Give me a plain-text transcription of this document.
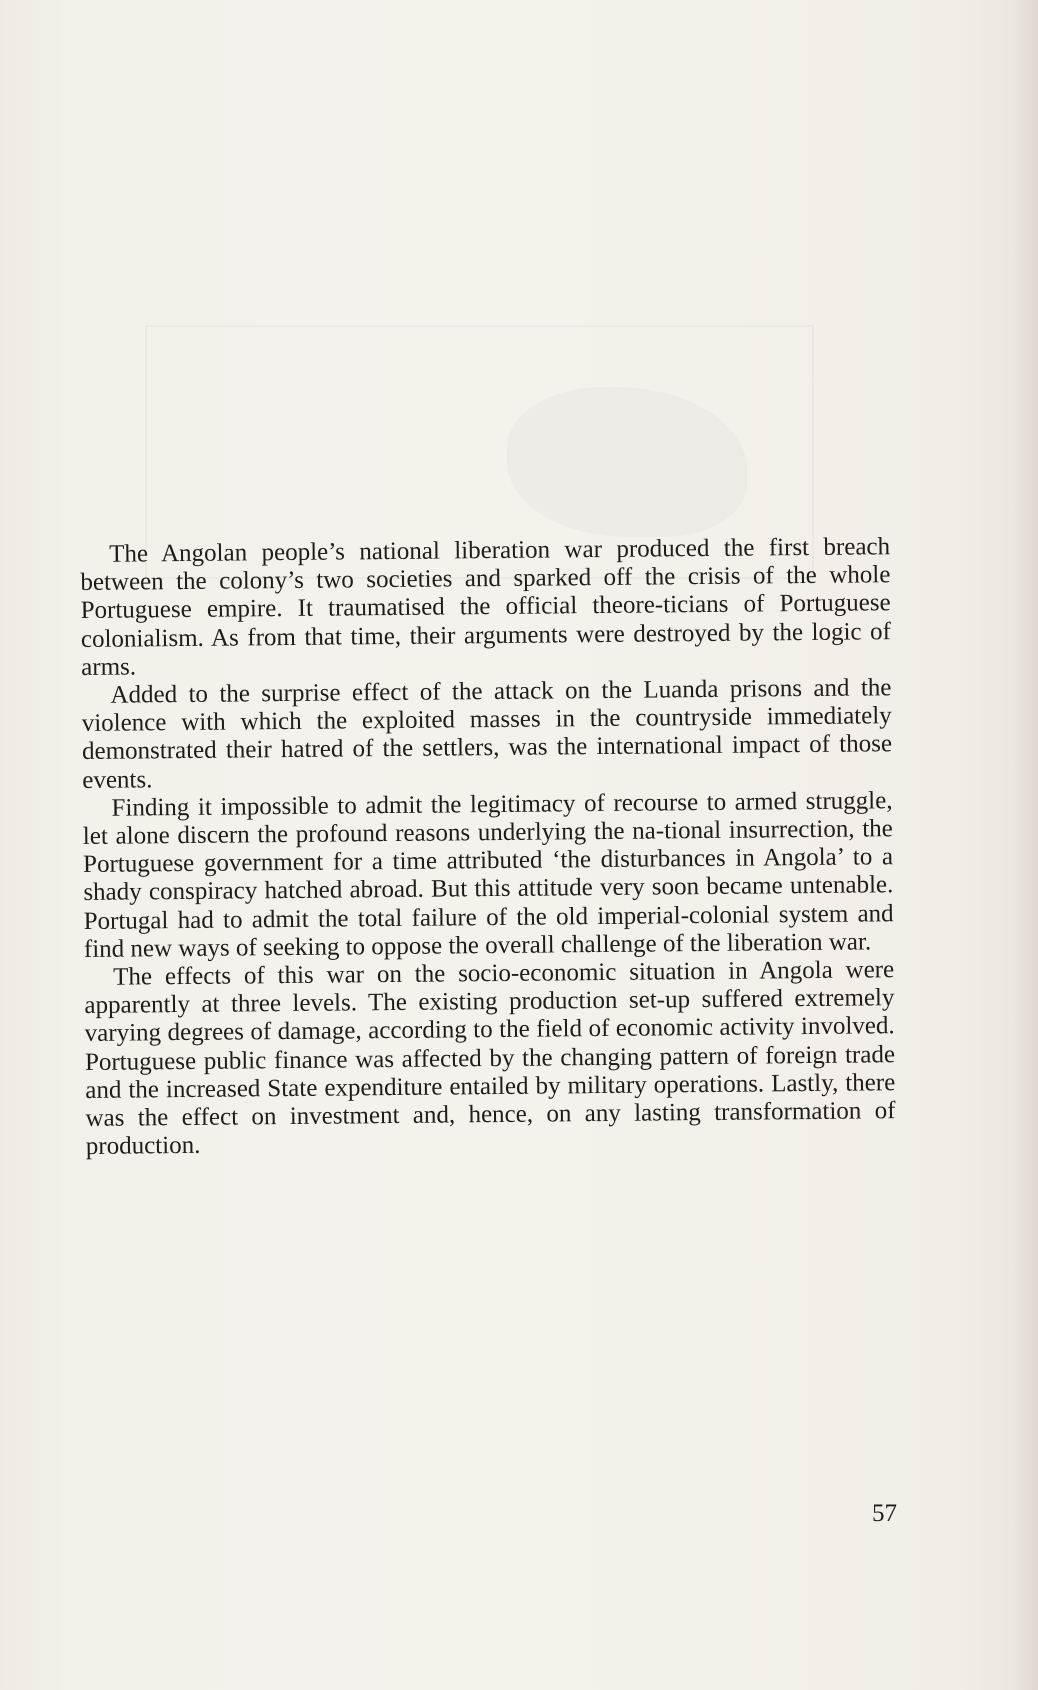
The Angolan people’s national liberation war produced the first breach between the colony’s two societies and sparked off the crisis of the whole Portuguese empire. It traumatised the official theore-ticians of Portuguese colonialism. As from that time, their arguments were destroyed by the logic of arms.

Added to the surprise effect of the attack on the Luanda prisons and the violence with which the exploited masses in the countryside immediately demonstrated their hatred of the settlers, was the international impact of those events.

Finding it impossible to admit the legitimacy of recourse to armed struggle, let alone discern the profound reasons underlying the na-tional insurrection, the Portuguese government for a time attributed ‘the disturbances in Angola’ to a shady conspiracy hatched abroad. But this attitude very soon became untenable. Portugal had to admit the total failure of the old imperial-colonial system and find new ways of seeking to oppose the overall challenge of the liberation war.

The effects of this war on the socio-economic situation in Angola were apparently at three levels. The existing production set-up suffered extremely varying degrees of damage, according to the field of economic activity involved. Portuguese public finance was affected by the changing pattern of foreign trade and the increased State expenditure entailed by military operations. Lastly, there was the effect on investment and, hence, on any lasting transformation of production.

57
